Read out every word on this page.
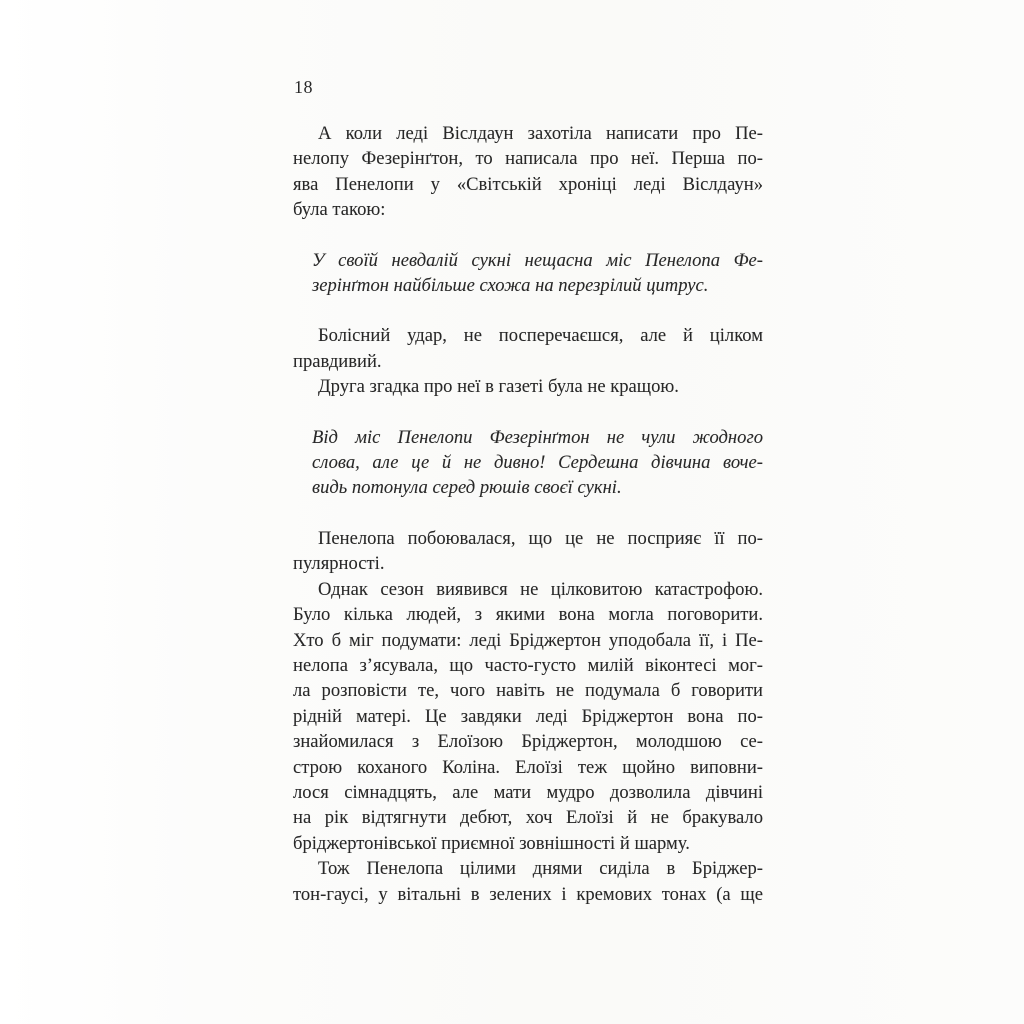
18
А коли леді Віслдаун захотіла написати про Пе-
нелопу Фезерінґтон, то написала про неї. Перша по-
ява Пенелопи у «Світській хроніці леді Віслдаун»
була такою:
У своїй невдалій сукні нещасна міс Пенелопа Фе-
зерінґтон найбільше схожа на перезрілий цитрус.
Болісний удар, не посперечаєшся, але й цілком
правдивий.
Друга згадка про неї в газеті була не кращою.
Від міс Пенелопи Фезерінґтон не чули жодного
слова, але це й не дивно! Сердешна дівчина воче-
видь потонула серед рюшів своєї сукні.
Пенелопа побоювалася, що це не посприяє її по-
пулярності.
Однак сезон виявився не цілковитою катастрофою.
Було кілька людей, з якими вона могла поговорити.
Хто б міг подумати: леді Бріджертон уподобала її, і Пе-
нелопа з’ясувала, що часто-густо милій віконтесі мог-
ла розповісти те, чого навіть не подумала б говорити
рідній матері. Це завдяки леді Бріджертон вона по-
знайомилася з Елоїзою Бріджертон, молодшою се-
строю коханого Коліна. Елоїзі теж щойно виповни-
лося сімнадцять, але мати мудро дозволила дівчині
на рік відтягнути дебют, хоч Елоїзі й не бракувало
бріджертонівської приємної зовнішності й шарму.
Тож Пенелопа цілими днями сиділа в Бріджер-
тон-гаусі, у вітальні в зелених і кремових тонах (а ще
